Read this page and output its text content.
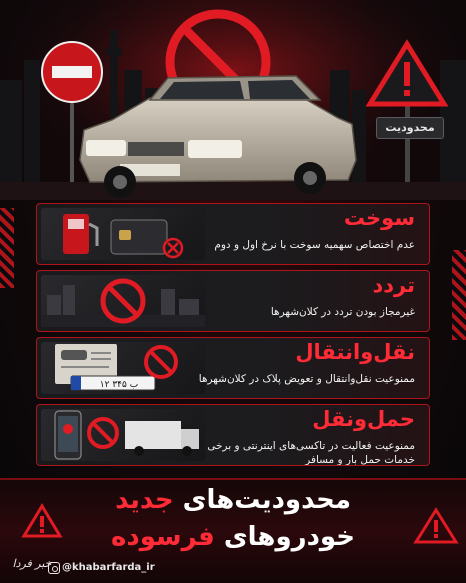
محدودیت
سوخت
عدم اختصاص سهمیه سوخت با نرخ اول و دوم
تردد
غیرمجاز بودن تردد در کلان‌شهرها
۱۲ ب ۳۴۵
نقل‌وانتقال
ممنوعیت نقل‌وانتقال و تعویض پلاک در کلان‌شهرها
حمل‌ونقل
ممنوعیت فعالیت در تاکسی‌های اینترنتی و برخی خدمات حمل بار و مسافر
محدودیت‌های جدید
خودروهای فرسوده
خبر فردا	@khabarfarda_ir
